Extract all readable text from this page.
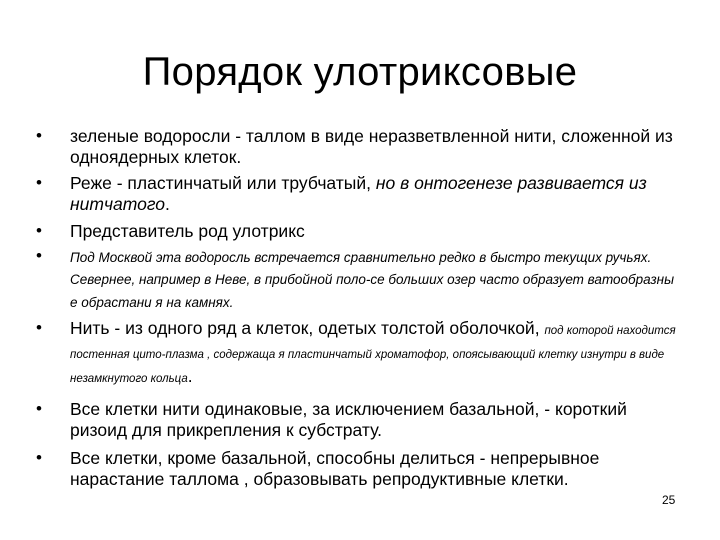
Порядок улотриксовые
• зеленые водоросли - таллом в виде неразветвленной нити, сложенной из одноядерных клеток.
• Реже - пластинчатый или трубчатый, но в онтогенезе развивается из нитчатого.
• Представитель род улотрикс
• Под Москвой эта водоросль встречается сравнительно редко в быстро текущих ручьях. Севернее, например в Неве, в прибойной поло-се больших озер часто образует ватообразны е обрастани я на камнях.
• Нить - из одного ряд а клеток, одетых толстой оболочкой, под которой находится постенная цито-плазма , содержаща я пластинчатый хроматофор, опоясывающий клетку изнутри в виде незамкнутого кольца.
• Все клетки нити одинаковые, за исключением базальной, - короткий ризоид для прикрепления к субстрату.
• Все клетки, кроме базальной, способны делиться - непрерывное нарастание таллома , образовывать репродуктивные клетки.
25
